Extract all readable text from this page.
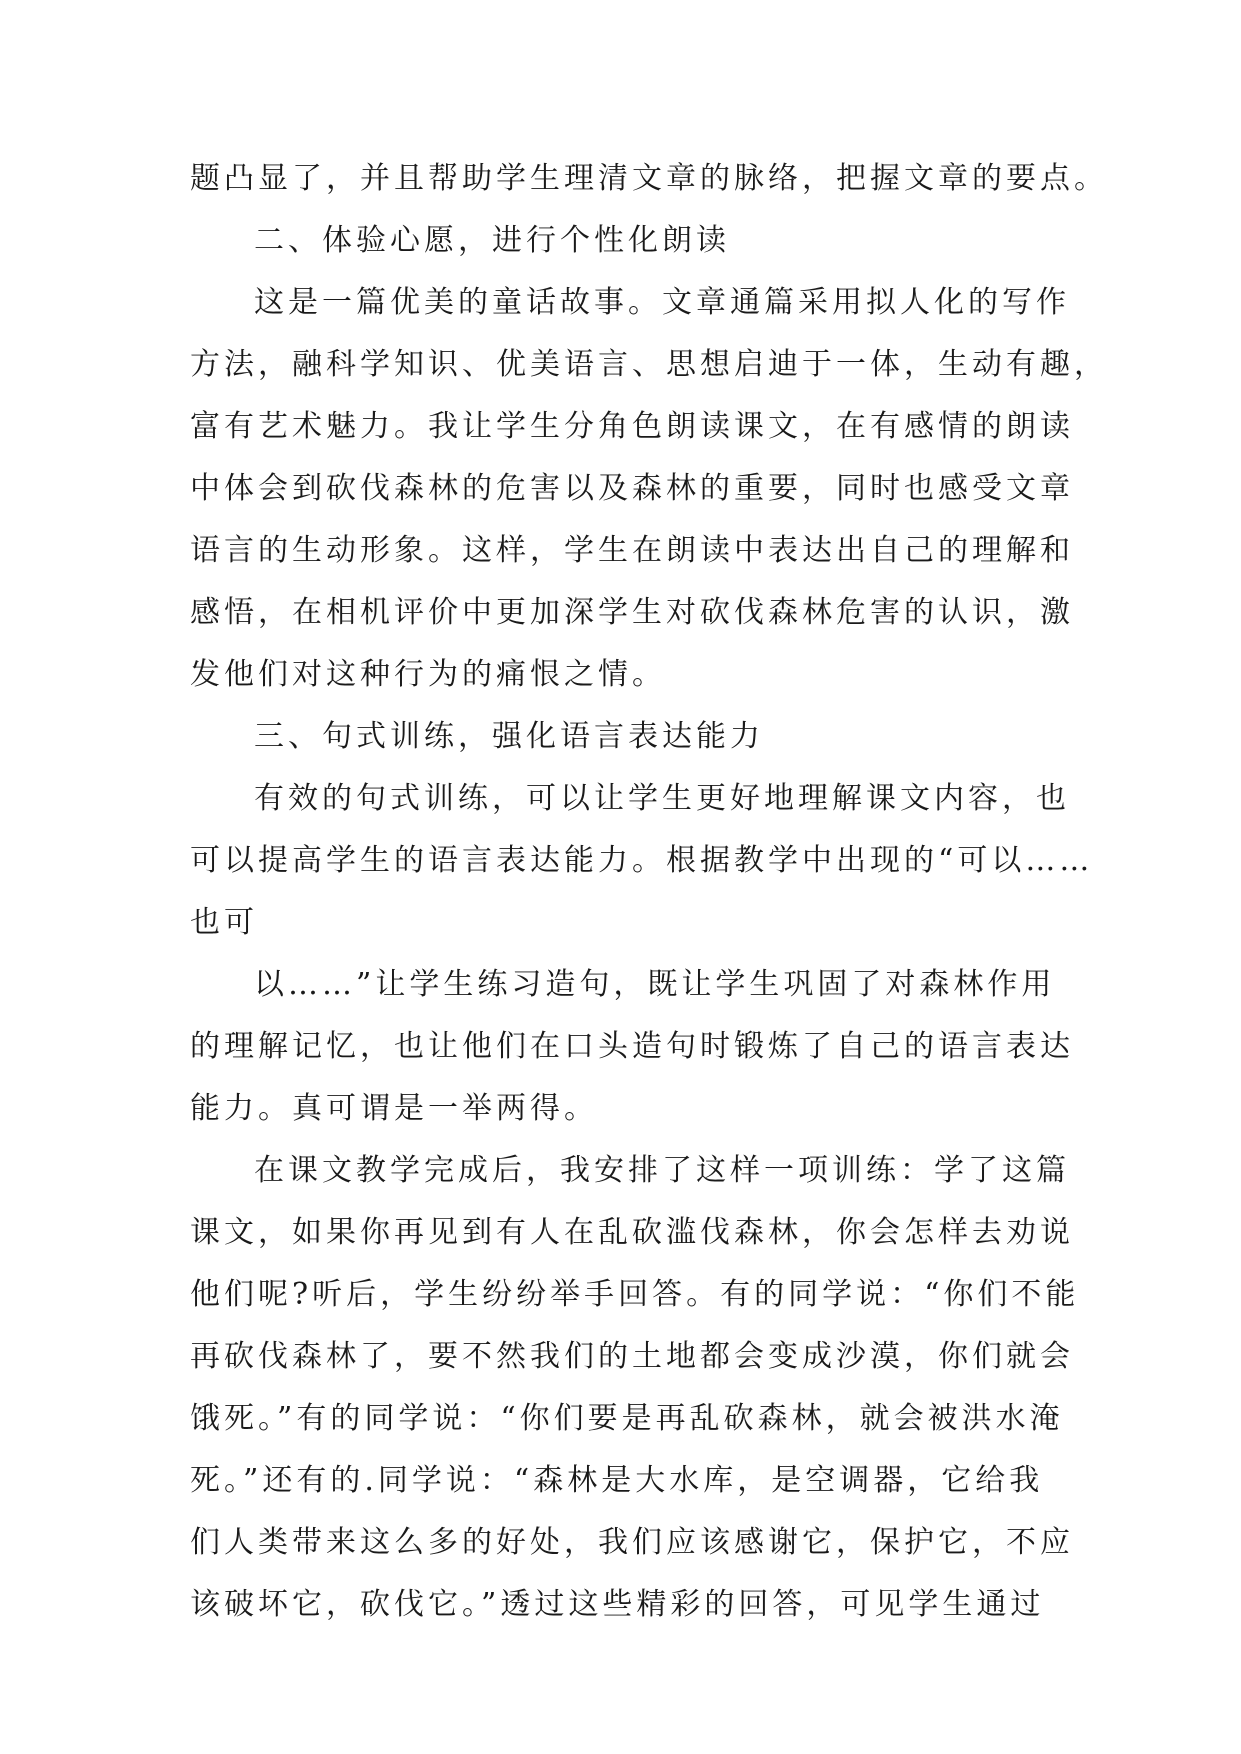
题凸显了，并且帮助学生理清文章的脉络，把握文章的要点。
二、体验心愿，进行个性化朗读
这是一篇优美的童话故事。文章通篇采用拟人化的写作
方法，融科学知识、优美语言、思想启迪于一体，生动有趣，
富有艺术魅力。我让学生分角色朗读课文，在有感情的朗读
中体会到砍伐森林的危害以及森林的重要，同时也感受文章
语言的生动形象。这样，学生在朗读中表达出自己的理解和
感悟，在相机评价中更加深学生对砍伐森林危害的认识，激
发他们对这种行为的痛恨之情。
三、句式训练，强化语言表达能力
有效的句式训练，可以让学生更好地理解课文内容，也
可以提高学生的语言表达能力。根据教学中出现的“可以……
也可
以……”让学生练习造句，既让学生巩固了对森林作用
的理解记忆，也让他们在口头造句时锻炼了自己的语言表达
能力。真可谓是一举两得。
在课文教学完成后，我安排了这样一项训练：学了这篇
课文，如果你再见到有人在乱砍滥伐森林，你会怎样去劝说
他们呢?听后，学生纷纷举手回答。有的同学说：“你们不能
再砍伐森林了，要不然我们的土地都会变成沙漠，你们就会
饿死。”有的同学说：“你们要是再乱砍森林，就会被洪水淹
死。”还有的.同学说：“森林是大水库，是空调器，它给我
们人类带来这么多的好处，我们应该感谢它，保护它，不应
该破坏它，砍伐它。”透过这些精彩的回答，可见学生通过
